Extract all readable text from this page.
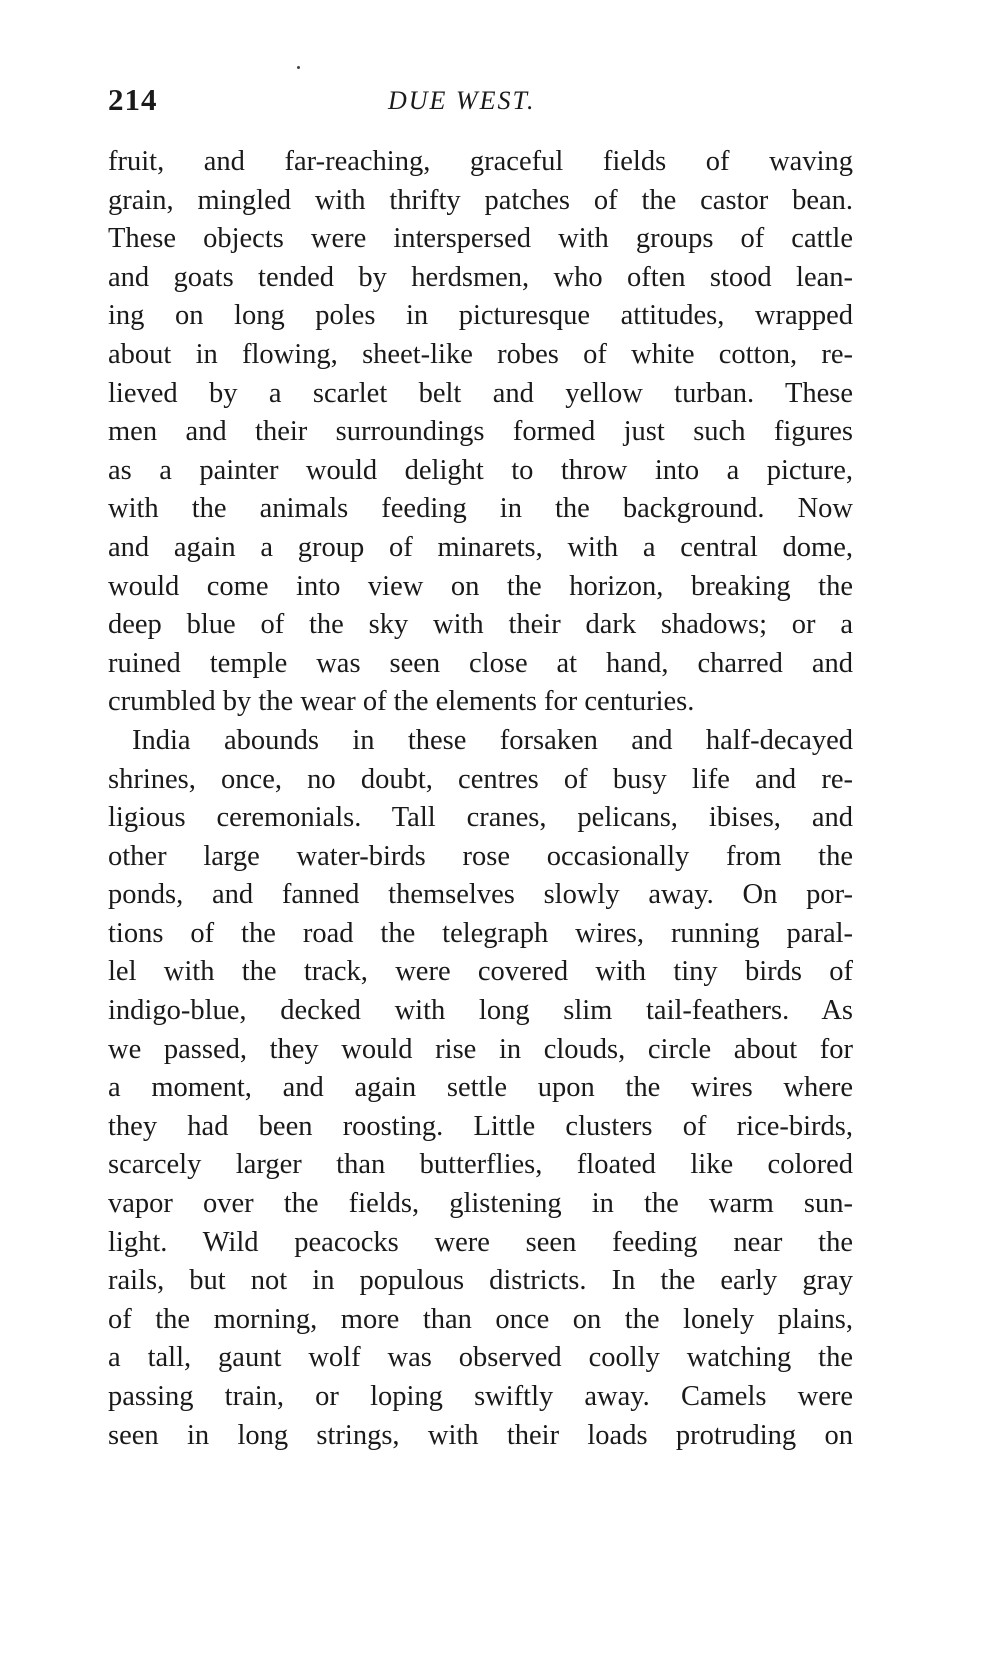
214	DUE WEST.
fruit, and far-reaching, graceful fields of waving
grain, mingled with thrifty patches of the castor bean.
These objects were interspersed with groups of cattle
and goats tended by herdsmen, who often stood lean-
ing on long poles in picturesque attitudes, wrapped
about in flowing, sheet-like robes of white cotton, re-
lieved by a scarlet belt and yellow turban. These
men and their surroundings formed just such figures
as a painter would delight to throw into a picture,
with the animals feeding in the background. Now
and again a group of minarets, with a central dome,
would come into view on the horizon, breaking the
deep blue of the sky with their dark shadows; or a
ruined temple was seen close at hand, charred and
crumbled by the wear of the elements for centuries.
India abounds in these forsaken and half-decayed
shrines, once, no doubt, centres of busy life and re-
ligious ceremonials. Tall cranes, pelicans, ibises, and
other large water-birds rose occasionally from the
ponds, and fanned themselves slowly away. On por-
tions of the road the telegraph wires, running paral-
lel with the track, were covered with tiny birds of
indigo-blue, decked with long slim tail-feathers. As
we passed, they would rise in clouds, circle about for
a moment, and again settle upon the wires where
they had been roosting. Little clusters of rice-birds,
scarcely larger than butterflies, floated like colored
vapor over the fields, glistening in the warm sun-
light. Wild peacocks were seen feeding near the
rails, but not in populous districts. In the early gray
of the morning, more than once on the lonely plains,
a tall, gaunt wolf was observed coolly watching the
passing train, or loping swiftly away. Camels were
seen in long strings, with their loads protruding on
